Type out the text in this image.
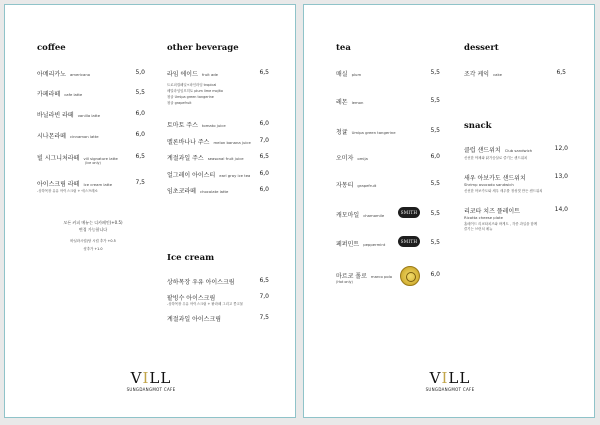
coffee
아메리카노 americano	5,0
카페라떼 cafe latte	5,5
바닐라빈 라떼 vanilla latte	6,0
시나몬라떼 cinnamon latte	6,0
빌 시그니처라떼 vill signature latte	6,5
(Ice only)
아이스크림 라떼 Ice cream latte	7,5
-상하목장 유유 아이스크림 + 에스프레소
모든 커피 메뉴는 디카페인(+0.5)
변경 가능합니다
바닐라시럽(당 시럽 추가 +0.5
샷추가 +1.0
other beverage
라임 에이드 fruit ade	6,5
트로피컬페일+파인라임 tropical
메밀라임임모히토 plum lime mojito
청귤 Umipa green tangerine
청귤 grapefruit
토마토 주스 tomato juice	6,0
멜론바나나 주스 melon banana juice 7,0
계절과일 주스 seasonal fruit juice	6,5
얼그레이 아이스티 earl gray ice tea 6,0
임초코라떼 chocolate latte	6,0
Ice cream
상하목장 우유 아이스크림	6,5
팥빙수 아이스크림	7,0
-상하목장 우유 아이스크림 + 팥라떼 그리고 콩고물
계절과일 아이스크림	7,5
VILL
SUNGDANGMOT CAFE
tea
매실 plum	5,5
레몬 lemon	5,5
청귤 Umipa green tangerine	5,5
오미자 omija	6,0
자몽티 grapefruit	5,5
캐모마일 chamomile	5,5
SMITH
페퍼민트 peppermint	5,5
SMITH
마르코 폴로 marco polo	6,0
(Hot only)
dessert
조각 케익 cake	6,5
snack
클럽 샌드위치 Club sandwich	12,0
신선한 야채와 닭가슴살로 즐기는 샌드위치
새우 아보카도 샌드위치	13,0
Shrimp avocado sandwich
신선한 아보카도와 새우 새우를 정성껏 만든 샌드위치
리코타 치즈 플레이트	14,0
Ricotta cheese plate
홈메이드 리코타치즈와 바게트 , 각종 과일을 함께
즐기는 브런치 메뉴
VILL
SUNGDANGMOT CAFE
